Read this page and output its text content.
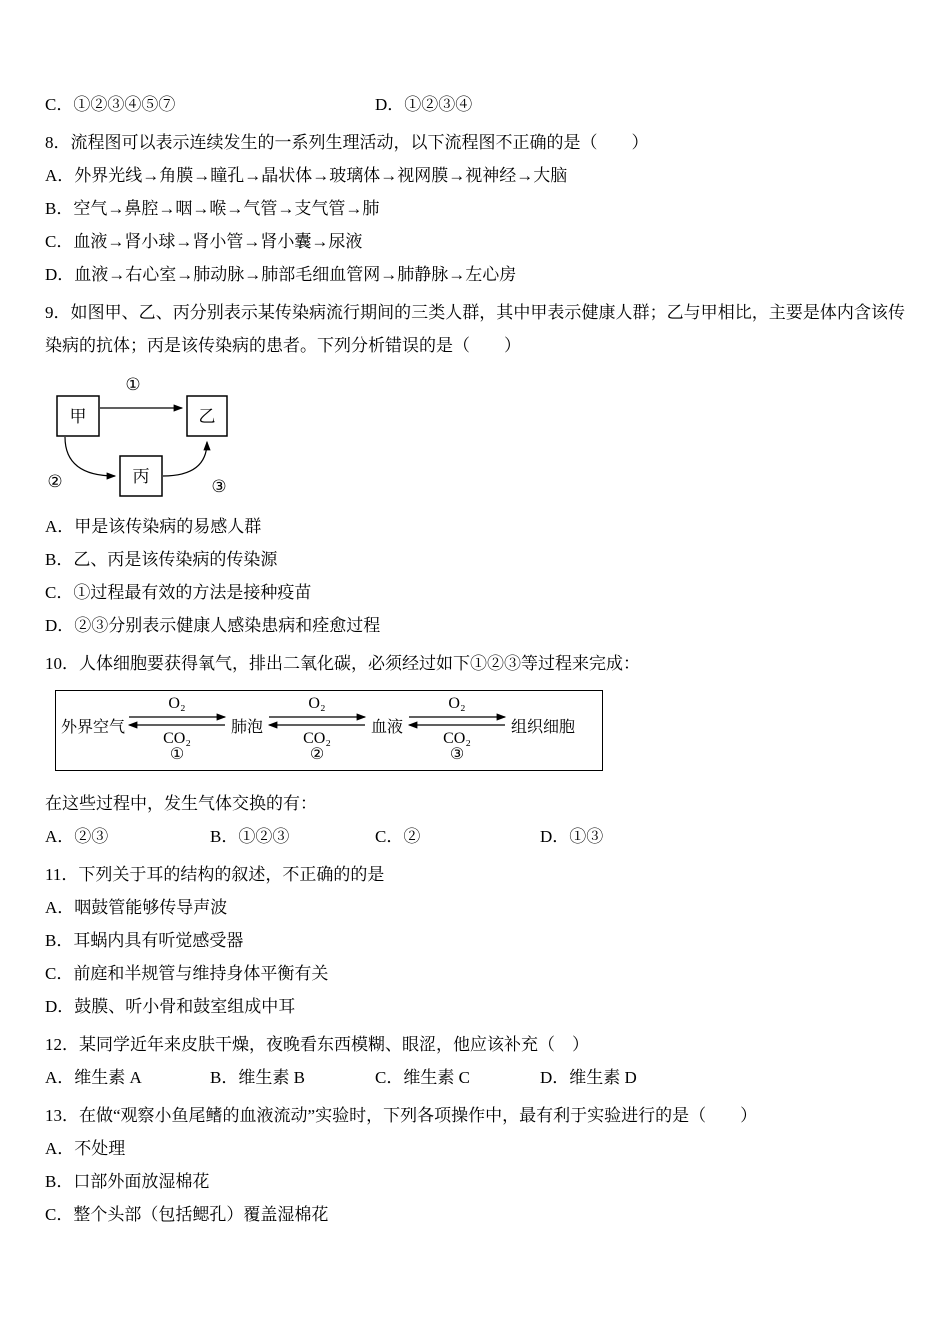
C．①②③④⑤⑦	D．①②③④

8．流程图可以表示连续发生的一系列生理活动，以下流程图不正确的是（　　）

A．外界光线→角膜→瞳孔→晶状体→玻璃体→视网膜→视神经→大脑

B．空气→鼻腔→咽→喉→气管→支气管→肺

C．血液→肾小球→肾小管→肾小囊→尿液

D．血液→右心室→肺动脉→肺部毛细血管网→肺静脉→左心房

9．如图甲、乙、丙分别表示某传染病流行期间的三类人群，其中甲表示健康人群；乙与甲相比，主要是体内含该传染病的抗体；丙是该传染病的患者。下列分析错误的是（　　）

甲	乙
丙
①
②	③

A．甲是该传染病的易感人群

B．乙、丙是该传染病的传染源

C．①过程最有效的方法是接种疫苗

D．②③分别表示健康人感染患病和痊愈过程

10．人体细胞要获得氧气，排出二氧化碳，必须经过如下①②③等过程来完成：

外界空气
O₂
CO₂
①
肺泡
O₂
CO₂
②
血液
O₂
CO₂
③
组织细胞

在这些过程中，发生气体交换的有：

A．②③	B．①②③	C．②	D．①③

11．下列关于耳的结构的叙述，不正确的的是

A．咽鼓管能够传导声波

B．耳蜗内具有听觉感受器

C．前庭和半规管与维持身体平衡有关

D．鼓膜、听小骨和鼓室组成中耳

12．某同学近年来皮肤干燥，夜晚看东西模糊、眼涩，他应该补充（　）

A．维生素 A	B．维生素 B	C．维生素 C	D．维生素 D

13．在做“观察小鱼尾鳍的血液流动”实验时，下列各项操作中，最有利于实验进行的是（　　）

A．不处理

B．口部外面放湿棉花

C．整个头部（包括鳃孔）覆盖湿棉花
